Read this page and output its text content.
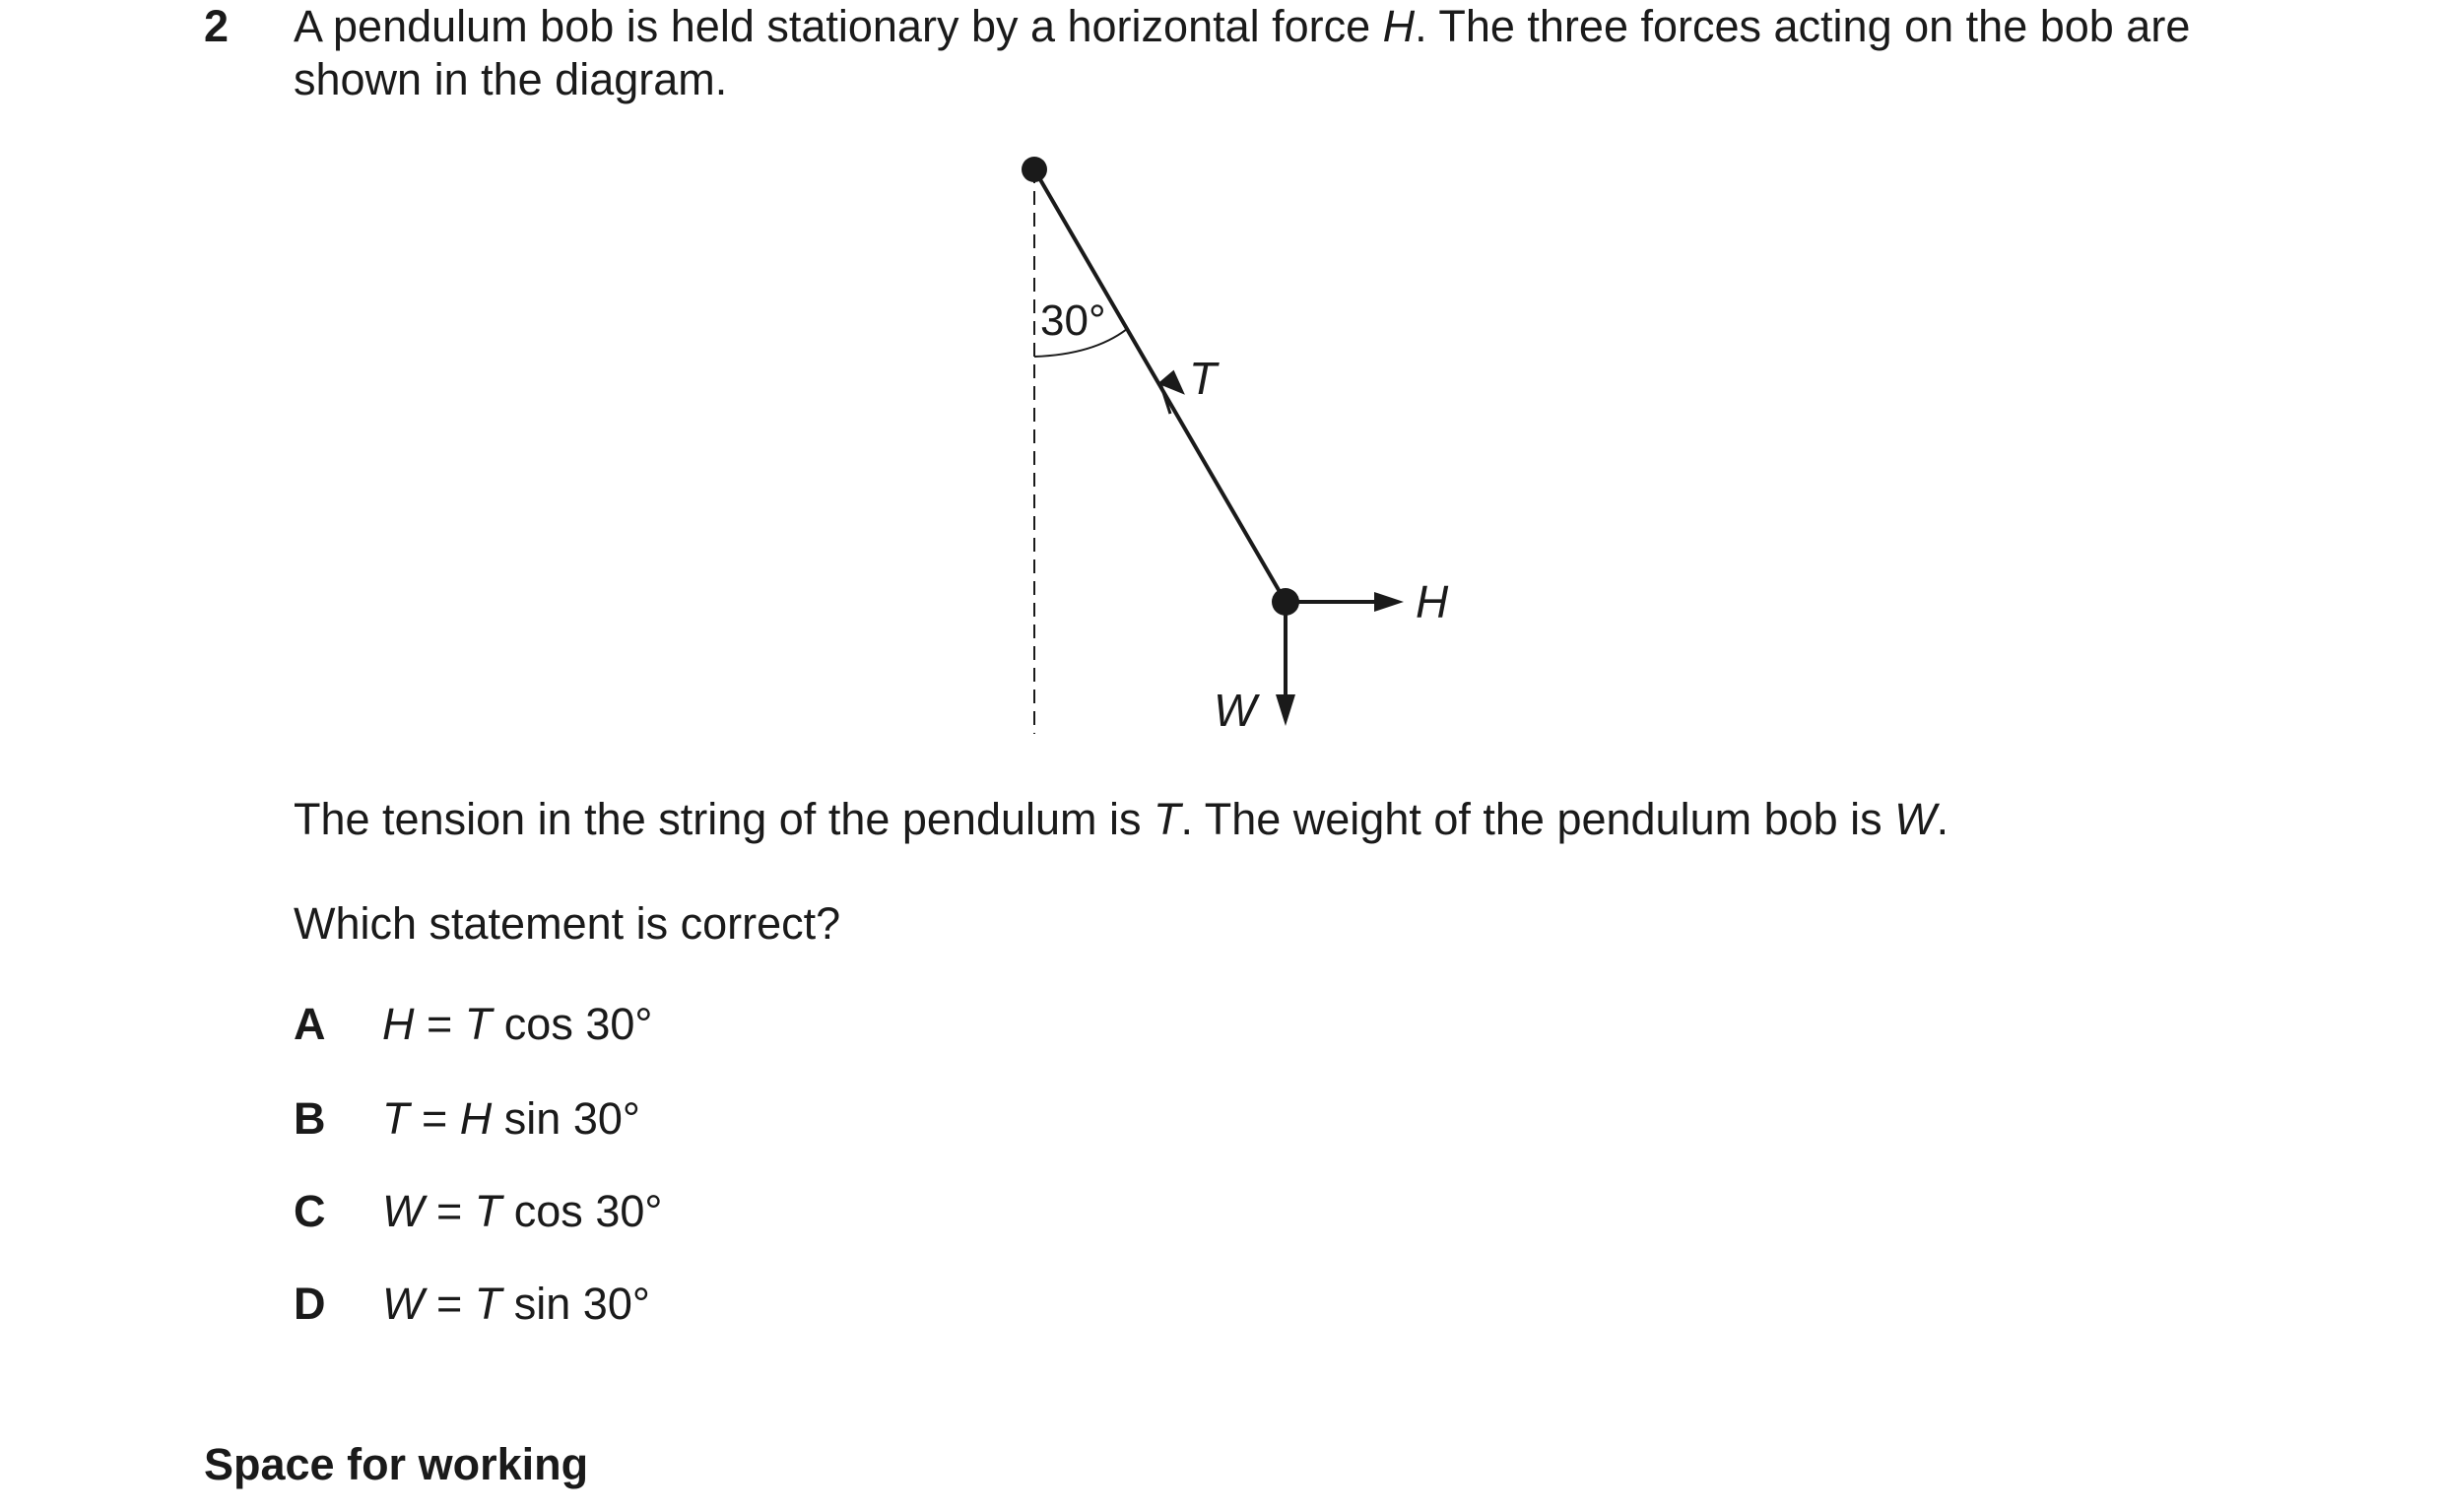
2 A pendulum bob is held stationary by a horizontal force H. The three forces acting on the bob are shown in the diagram.
30°
T
H
W
The tension in the string of the pendulum is T. The weight of the pendulum bob is W.
Which statement is correct?
A H = T cos 30°
B T = H sin 30°
C W = T cos 30°
D W = T sin 30°
Space for working
